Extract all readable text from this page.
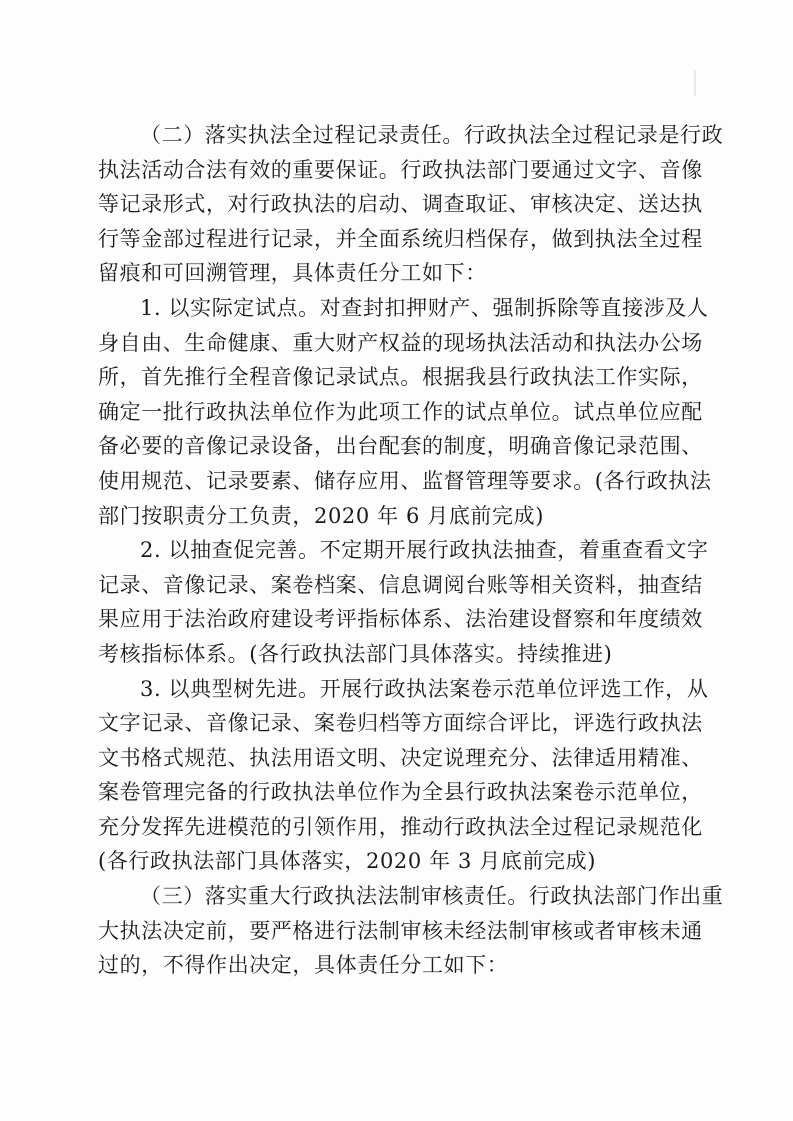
（二）落实执法全过程记录责任。行政执法全过程记录是行政
执法活动合法有效的重要保证。行政执法部门要通过文字、音像
等记录形式，对行政执法的启动、调查取证、审核决定、送达执
行等金部过程进行记录，并全面系统归档保存，做到执法全过程
留痕和可回溯管理，具体责任分工如下：
1. 以实际定试点。对查封扣押财产、强制拆除等直接涉及人
身自由、生命健康、重大财产权益的现场执法活动和执法办公场
所，首先推行全程音像记录试点。根据我县行政执法工作实际，
确定一批行政执法单位作为此项工作的试点单位。试点单位应配
备必要的音像记录设备，出台配套的制度，明确音像记录范围、
使用规范、记录要素、储存应用、监督管理等要求。(各行政执法
部门按职责分工负责，2020 年 6 月底前完成)
2. 以抽查促完善。不定期开展行政执法抽查，着重查看文字
记录、音像记录、案卷档案、信息调阅台账等相关资料，抽查结
果应用于法治政府建设考评指标体系、法治建设督察和年度绩效
考核指标体系。(各行政执法部门具体落实。持续推进)
3. 以典型树先进。开展行政执法案卷示范单位评选工作，从
文字记录、音像记录、案卷归档等方面综合评比，评选行政执法
文书格式规范、执法用语文明、决定说理充分、法律适用精准、
案卷管理完备的行政执法单位作为全县行政执法案卷示范单位，
充分发挥先进模范的引领作用，推动行政执法全过程记录规范化
(各行政执法部门具体落实，2020 年 3 月底前完成)
（三）落实重大行政执法法制审核责任。行政执法部门作出重
大执法决定前，要严格进行法制审核未经法制审核或者审核未通
过的，不得作出决定，具体责任分工如下：
